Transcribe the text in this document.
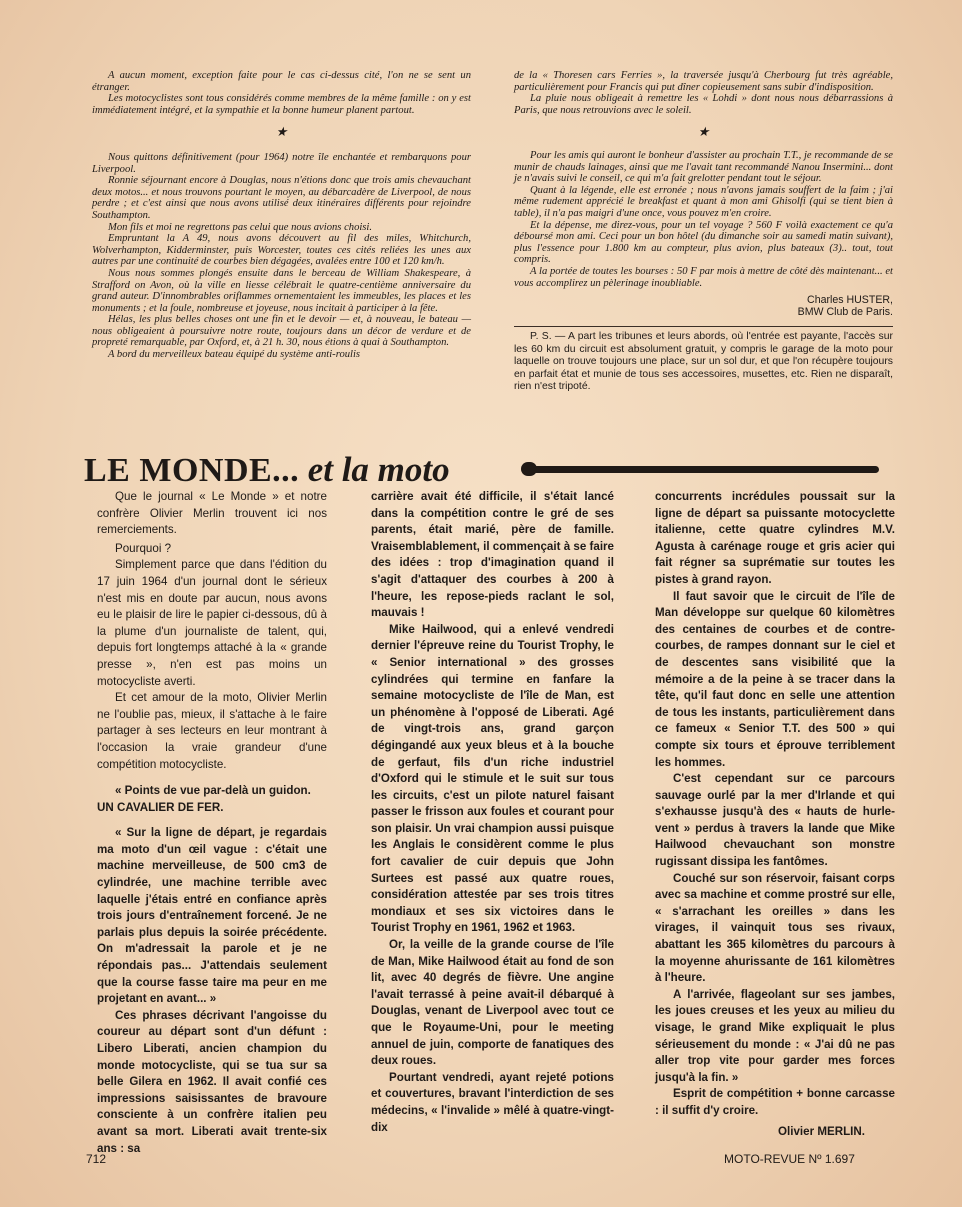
A aucun moment, exception faite pour le cas ci-dessus cité, l'on ne se sent un étranger.

Les motocyclistes sont tous considérés comme membres de la même famille : on y est immédiatement intégré, et la sympathie et la bonne humeur planent partout.

★

Nous quittons définitivement (pour 1964) notre île enchantée et rembarquons pour Liverpool.

Ronnie séjournant encore à Douglas, nous n'étions donc que trois amis chevauchant deux motos... et nous trouvons pourtant le moyen, au débarcadère de Liverpool, de nous perdre ; et c'est ainsi que nous avons utilisé deux itinéraires différents pour rejoindre Southampton.

Mon fils et moi ne regrettons pas celui que nous avions choisi.

Empruntant la A 49, nous avons découvert au fil des miles, Whitchurch, Wolverhampton, Kidderminster, puis Worcester, toutes ces cités reliées les unes aux autres par une continuité de courbes bien dégagées, avalées entre 100 et 120 km/h.

Nous nous sommes plongés ensuite dans le berceau de William Shakespeare, à Strafford on Avon, où la ville en liesse célébrait le quatre-centième anniversaire du grand auteur. D'innombrables oriflammes ornementaient les immeubles, les places et les monuments ; et la foule, nombreuse et joyeuse, nous incitait à participer à la fête.

Hélas, les plus belles choses ont une fin et le devoir — et, à nouveau, le bateau — nous obligeaient à poursuivre notre route, toujours dans un décor de verdure et de propreté remarquable, par Oxford, et, à 21 h. 30, nous étions à quai à Southampton.

A bord du merveilleux bateau équipé du système anti-roulis

de la « Thoresen cars Ferries », la traversée jusqu'à Cherbourg fut très agréable, particulièrement pour Francis qui put dîner copieusement sans subir d'indisposition.

La pluie nous obligeait à remettre les « Lohdi » dont nous nous débarrassions à Paris, que nous retrouvions avec le soleil.

★

Pour les amis qui auront le bonheur d'assister au prochain T.T., je recommande de se munir de chauds lainages, ainsi que me l'avait tant recommandé Nanou Insermini... dont je n'avais suivi le conseil, ce qui m'a fait grelotter pendant tout le séjour.

Quant à la légende, elle est erronée ; nous n'avons jamais souffert de la faim ; j'ai même rudement apprécié le breakfast et quant à mon ami Ghisolfi (qui se tient bien à table), il n'a pas maigri d'une once, vous pouvez m'en croire.

Et la dépense, me direz-vous, pour un tel voyage ? 560 F voilà exactement ce qu'a déboursé mon ami. Ceci pour un bon hôtel (du dimanche soir au samedi matin suivant), plus l'essence pour 1.800 km au compteur, plus avion, plus bateaux (3).. tout, tout compris.

A la portée de toutes les bourses : 50 F par mois à mettre de côté dès maintenant... et vous accomplirez un pèlerinage inoubliable.

Charles HUSTER,

BMW Club de Paris.

P. S. — A part les tribunes et leurs abords, où l'entrée est payante, l'accès sur les 60 km du circuit est absolument gratuit, y compris le garage de la moto pour laquelle on trouve toujours une place, sur un sol dur, et que l'on récupère toujours en parfait état et munie de tous ses accessoires, musettes, etc. Rien ne disparaît, rien n'est tripoté.

LE MONDE... et la moto

Que le journal « Le Monde » et notre confrère Olivier Merlin trouvent ici nos remerciements.

Pourquoi ?

Simplement parce que dans l'édition du 17 juin 1964 d'un journal dont le sérieux n'est mis en doute par aucun, nous avons eu le plaisir de lire le papier ci-dessous, dû à la plume d'un journaliste de talent, qui, depuis fort longtemps attaché à la « grande presse », n'en est pas moins un motocycliste averti.

Et cet amour de la moto, Olivier Merlin ne l'oublie pas, mieux, il s'attache à le faire partager à ses lecteurs en leur montrant à l'occasion la vraie grandeur d'une compétition motocycliste.

« Points de vue par-delà un guidon. UN CAVALIER DE FER.

« Sur la ligne de départ, je regardais ma moto d'un œil vague : c'était une machine merveilleuse, de 500 cm3 de cylindrée, une machine terrible avec laquelle j'étais entré en confiance après trois jours d'entraînement forcené. Je ne parlais plus depuis la soirée précédente. On m'adressait la parole et je ne répondais pas... J'attendais seulement que la course fasse taire ma peur en me projetant en avant... »

Ces phrases décrivant l'angoisse du coureur au départ sont d'un défunt : Libero Liberati, ancien champion du monde motocycliste, qui se tua sur sa belle Gilera en 1962. Il avait confié ces impressions saisissantes de bravoure consciente à un confrère italien peu avant sa mort. Liberati avait trente-six ans : sa

carrière avait été difficile, il s'était lancé dans la compétition contre le gré de ses parents, était marié, père de famille. Vraisemblablement, il commençait à se faire des idées : trop d'imagination quand il s'agit d'attaquer des courbes à 200 à l'heure, les repose-pieds raclant le sol, mauvais !

Mike Hailwood, qui a enlevé vendredi dernier l'épreuve reine du Tourist Trophy, le « Senior international » des grosses cylindrées qui termine en fanfare la semaine motocycliste de l'île de Man, est un phénomène à l'opposé de Liberati. Agé de vingt-trois ans, grand garçon dégingandé aux yeux bleus et à la bouche de gerfaut, fils d'un riche industriel d'Oxford qui le stimule et le suit sur tous les circuits, c'est un pilote naturel faisant passer le frisson aux foules et courant pour son plaisir. Un vrai champion aussi puisque les Anglais le considèrent comme le plus fort cavalier de cuir depuis que John Surtees est passé aux quatre roues, considération attestée par ses trois titres mondiaux et ses six victoires dans le Tourist Trophy en 1961, 1962 et 1963.

Or, la veille de la grande course de l'île de Man, Mike Hailwood était au fond de son lit, avec 40 degrés de fièvre. Une angine l'avait terrassé à peine avait-il débarqué à Douglas, venant de Liverpool avec tout ce que le Royaume-Uni, pour le meeting annuel de juin, comporte de fanatiques des deux roues.

Pourtant vendredi, ayant rejeté potions et couvertures, bravant l'interdiction de ses médecins, « l'invalide » mêlé à quatre-vingt-dix

concurrents incrédules poussait sur la ligne de départ sa puissante motocyclette italienne, cette quatre cylindres M.V. Agusta à carénage rouge et gris acier qui fait régner sa suprématie sur toutes les pistes à grand rayon.

Il faut savoir que le circuit de l'île de Man développe sur quelque 60 kilomètres des centaines de courbes et de contre-courbes, de rampes donnant sur le ciel et de descentes sans visibilité que la mémoire a de la peine à se tracer dans la tête, qu'il faut donc en selle une attention de tous les instants, particulièrement dans ce fameux « Senior T.T. des 500 » qui compte six tours et éprouve terriblement les hommes.

C'est cependant sur ce parcours sauvage ourlé par la mer d'Irlande et qui s'exhausse jusqu'à des « hauts de hurle-vent » perdus à travers la lande que Mike Hailwood chevauchant son monstre rugissant dissipa les fantômes.

Couché sur son réservoir, faisant corps avec sa machine et comme prostré sur elle, « s'arrachant les oreilles » dans les virages, il vainquit tous ses rivaux, abattant les 365 kilomètres du parcours à la moyenne ahurissante de 161 kilomètres à l'heure.

A l'arrivée, flageolant sur ses jambes, les joues creuses et les yeux au milieu du visage, le grand Mike expliquait le plus sérieusement du monde : « J'ai dû ne pas aller trop vite pour garder mes forces jusqu'à la fin. »

Esprit de compétition + bonne carcasse : il suffit d'y croire.

Olivier MERLIN.

712	MOTO-REVUE Nº 1.697
